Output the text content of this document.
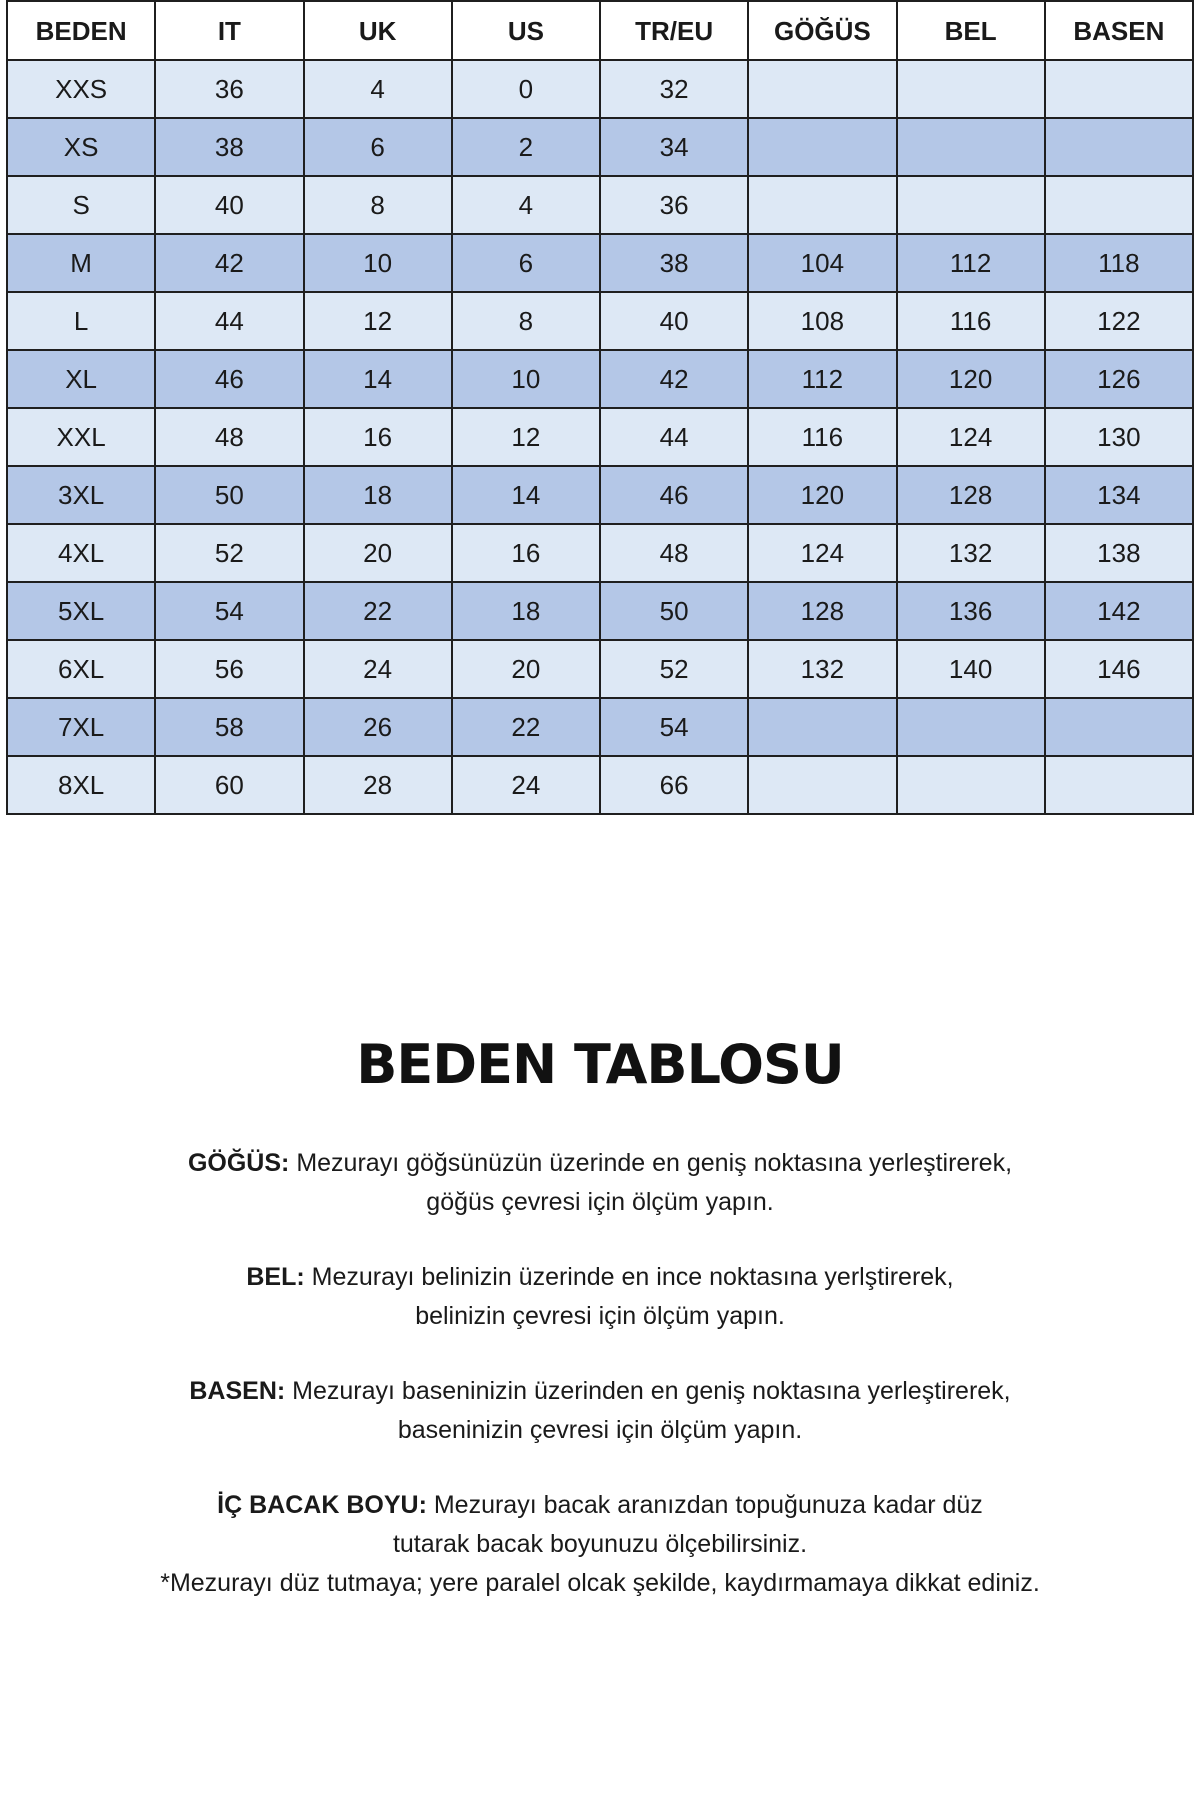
BEDEN	IT	UK	US	TR/EU	GÖĞÜS	BEL	BASEN
XXS	36	4	0	32			
XS	38	6	2	34			
S	40	8	4	36			
M	42	10	6	38	104	112	118
L	44	12	8	40	108	116	122
XL	46	14	10	42	112	120	126
XXL	48	16	12	44	116	124	130
3XL	50	18	14	46	120	128	134
4XL	52	20	16	48	124	132	138
5XL	54	22	18	50	128	136	142
6XL	56	24	20	52	132	140	146
7XL	58	26	22	54			
8XL	60	28	24	66			
BEDEN TABLOSU
GÖĞÜS: Mezurayı göğsünüzün üzerinde en geniş noktasına yerleştirerek,
göğüs çevresi için ölçüm yapın.
BEL: Mezurayı belinizin üzerinde en ince noktasına yerlştirerek,
belinizin çevresi için ölçüm yapın.
BASEN: Mezurayı baseninizin üzerinden en geniş noktasına yerleştirerek,
baseninizin çevresi için ölçüm yapın.
İÇ BACAK BOYU: Mezurayı bacak aranızdan topuğunuza kadar düz
tutarak bacak boyunuzu ölçebilirsiniz.
*Mezurayı düz tutmaya; yere paralel olcak şekilde, kaydırmamaya dikkat ediniz.
